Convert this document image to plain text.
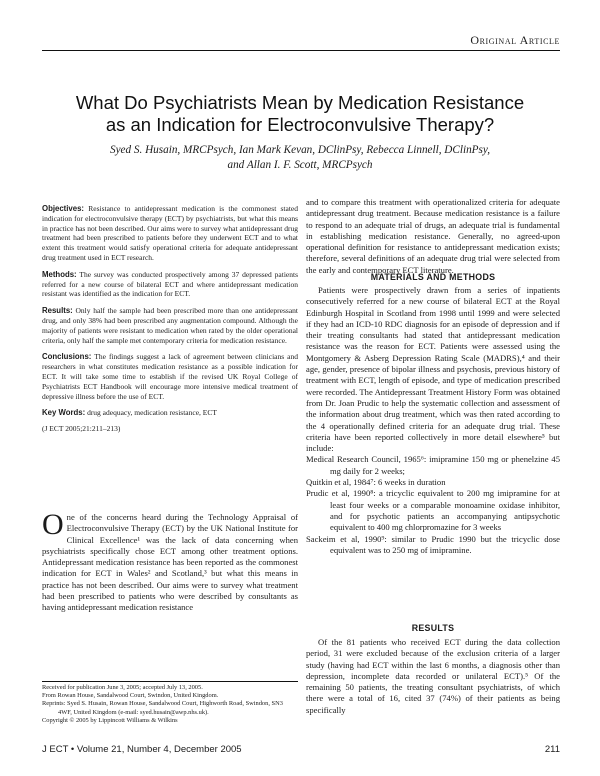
Original Article
What Do Psychiatrists Mean by Medication Resistance
as an Indication for Electroconvulsive Therapy?
Syed S. Husain, MRCPsych, Ian Mark Kevan, DClinPsy, Rebecca Linnell, DClinPsy,
and Allan I. F. Scott, MRCPsych

Objectives: Resistance to antidepressant medication is the commonest stated indication for electroconvulsive therapy (ECT) by psychiatrists, but what this means in practice has not been described. Our aims were to survey what antidepressant drug treatment had been prescribed to patients before they underwent ECT and to what extent this treatment would satisfy operational criteria for adequate antidepressant drug treatment used in ECT research.

Methods: The survey was conducted prospectively among 37 depressed patients referred for a new course of bilateral ECT and where antidepressant medication resistant was identified as the indication for ECT.

Results: Only half the sample had been prescribed more than one antidepressant drug, and only 38% had been prescribed any augmentation compound. Although the majority of patients were resistant to medication when rated by the older operational criteria, only half the sample met contemporary criteria for medication resistance.

Conclusions: The findings suggest a lack of agreement between clinicians and researchers in what constitutes medication resistance as a possible indication for ECT. It will take some time to establish if the revised UK Royal College of Psychiatrists ECT Handbook will encourage more intensive medical treatment of depressive illness before the use of ECT.

Key Words: drug adequacy, medication resistance, ECT

(J ECT 2005;21:211–213)

One of the concerns heard during the Technology Appraisal of Electroconvulsive Therapy (ECT) by the UK National Institute for Clinical Excellence¹ was the lack of data concerning when psychiatrists specifically chose ECT among other treatment options. Antidepressant medication resistance has been reported as the commonest indication for ECT in Wales² and Scotland,³ but what this means in practice has not been described. Our aims were to survey what treatment had been prescribed to patients who were described by consultants as having antidepressant medication resistance

Received for publication June 3, 2005; accepted July 13, 2005.

From Rowan House, Sandalwood Court, Swindon, United Kingdom.

Reprints: Syed S. Husain, Rowan House, Sandalwood Court, Highworth Road, Swindon, SN3 4WF, United Kingdom (e-mail: syed.husain@awp.nhs.uk).

Copyright © 2005 by Lippincott Williams & Wilkins

and to compare this treatment with operationalized criteria for adequate antidepressant drug treatment. Because medication resistance is a failure to respond to an adequate trial of drugs, an adequate trial is fundamental in establishing medication resistance. Generally, no agreed-upon operational definition for resistance to antidepressant medication exists; therefore, several definitions of an adequate drug trial were selected from the early and contemporary ECT literature.
MATERIALS AND METHODS

Patients were prospectively drawn from a series of inpatients consecutively referred for a new course of bilateral ECT at the Royal Edinburgh Hospital in Scotland from 1998 until 1999 and were selected if they had an ICD-10 RDC diagnosis for an episode of depression and if their treating consultants had stated that antidepressant medication resistance was the reason for ECT. Patients were assessed using the Montgomery & Asberg Depression Rating Scale (MADRS),⁴ and their age, gender, presence of bipolar illness and psychosis, previous history of treatment with ECT, length of episode, and type of medication prescribed were recorded. The Antidepressant Treatment History Form was obtained from Dr. Joan Prudic to help the systematic collection and assessment of the information about drug treatment, which was then rated according to the 4 operationally defined criteria for an adequate drug trial. These criteria have been reported collectively in more detail elsewhere⁵ but include:

Medical Research Council, 1965⁶: imipramine 150 mg or phenelzine 45 mg daily for 2 weeks;

Quitkin et al, 1984⁷: 6 weeks in duration

Prudic et al, 1990⁸: a tricyclic equivalent to 200 mg imipramine for at least four weeks or a comparable monoamine oxidase inhibitor, and for psychotic patients an accompanying antipsychotic equivalent to 400 mg chlorpromazine for 3 weeks

Sackeim et al, 1990⁹: similar to Prudic 1990 but the tricyclic dose equivalent was to 250 mg of imipramine.

RESULTS

Of the 81 patients who received ECT during the data collection period, 31 were excluded because of the exclusion criteria of a larger study (having had ECT within the last 6 months, a diagnosis other than depression, incomplete data recorded or unilateral ECT).⁵ Of the remaining 50 patients, the treating consultant psychiatrists, of which there were a total of 16, cited 37 (74%) of their patients as being specifically

J ECT • Volume 21, Number 4, December 2005	211
